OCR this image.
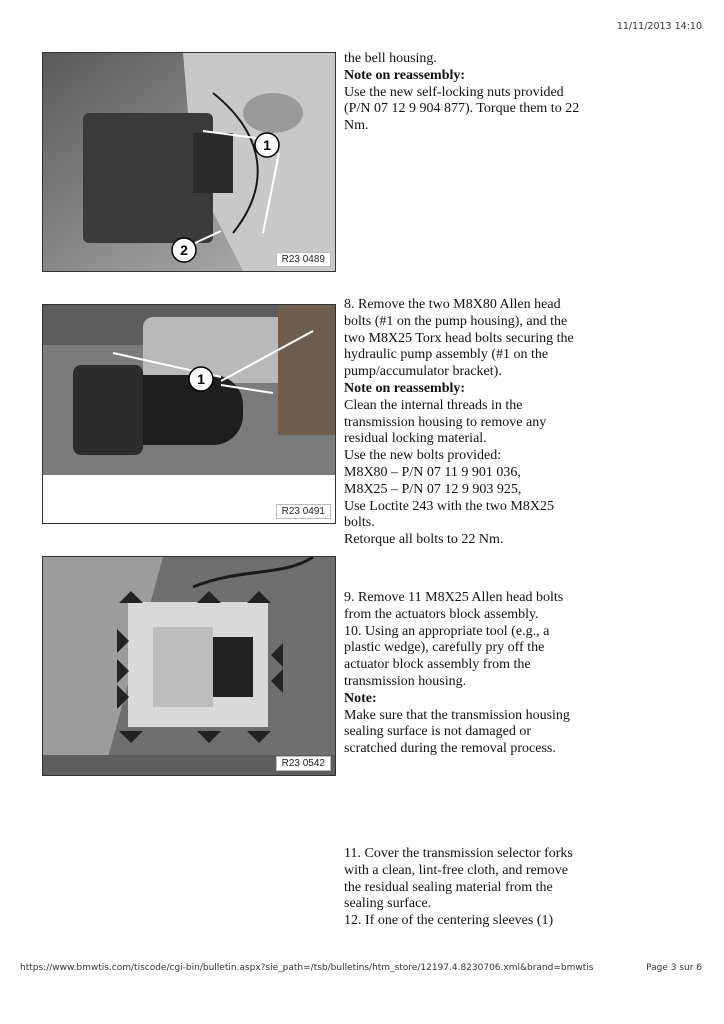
11/11/2013 14:10
1
2
R23 0489
1
R23 0491
R23 0542

the bell housing.

Note on reassembly:

Use the new self-locking nuts provided

(P/N 07 12 9 904 877). Torque them to 22

Nm.

8. Remove the two M8X80 Allen head

bolts (#1 on the pump housing), and the

two M8X25 Torx head bolts securing the

hydraulic pump assembly (#1 on the

pump/accumulator bracket).

Note on reassembly:

Clean the internal threads in the

transmission housing to remove any

residual locking material.

Use the new bolts provided:

M8X80 – P/N 07 11 9 901 036,

M8X25 – P/N 07 12 9 903 925,

Use Loctite 243 with the two M8X25

bolts.

Retorque all bolts to 22 Nm.

9. Remove 11 M8X25 Allen head bolts

from the actuators block assembly.

10. Using an appropriate tool (e.g., a

plastic wedge), carefully pry off the

actuator block assembly from the

transmission housing.

Note:

Make sure that the transmission housing

sealing surface is not damaged or

scratched during the removal process.

11. Cover the transmission selector forks

with a clean, lint-free cloth, and remove

the residual sealing material from the

sealing surface.

12. If one of the centering sleeves (1)

https://www.bmwtis.com/tiscode/cgi-bin/bulletin.aspx?sie_path=/tsb/bulletins/htm_store/12197.4.8230706.xml&brand=bmwtis	Page 3 sur 6
